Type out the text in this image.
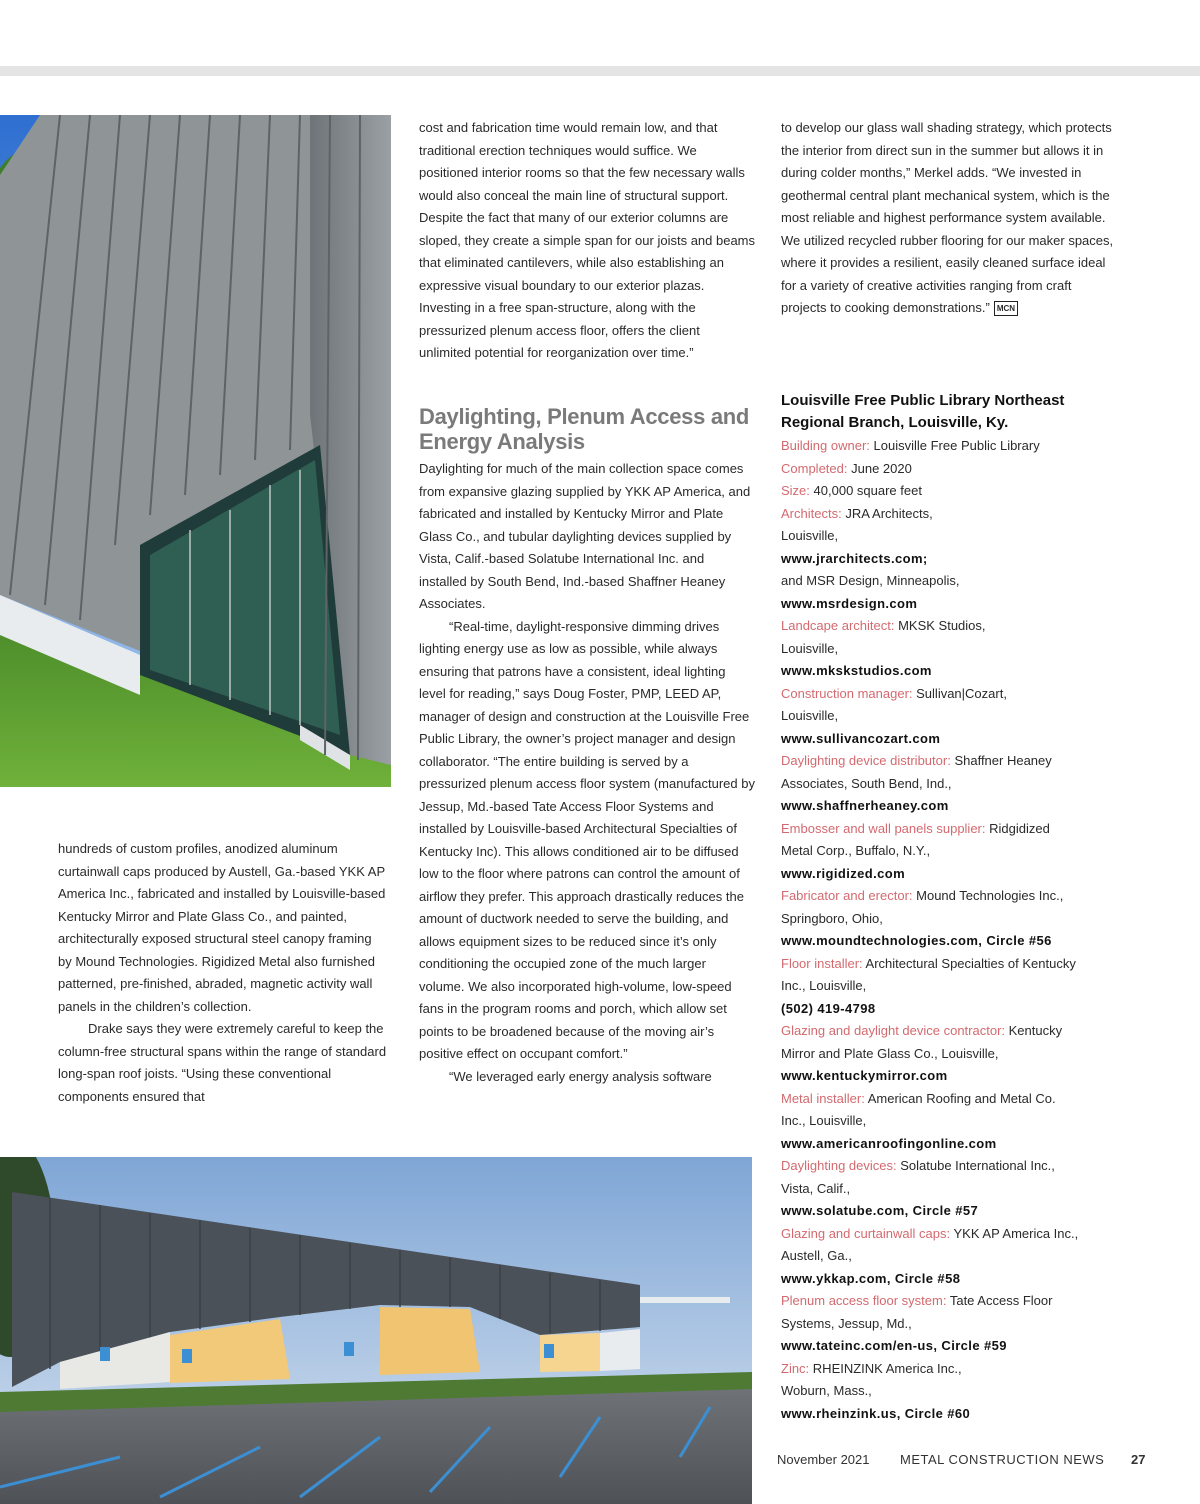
hundreds of custom profiles, anodized aluminum curtainwall caps produced by Austell, Ga.-based YKK AP America Inc., fabricated and installed by Louisville-based Kentucky Mirror and Plate Glass Co., and painted, architecturally exposed structural steel canopy framing by Mound Technologies. Rigidized Metal also furnished patterned, pre-finished, abraded, magnetic activity wall panels in the children’s collection.

Drake says they were extremely careful to keep the column-free structural spans within the range of standard long-span roof joists. “Using these conventional components ensured that

cost and fabrication time would remain low, and that traditional erection techniques would suffice. We positioned interior rooms so that the few necessary walls would also conceal the main line of structural support. Despite the fact that many of our exterior columns are sloped, they create a simple span for our joists and beams that eliminated cantilevers, while also establishing an expressive visual boundary to our exterior plazas. Investing in a free span-structure, along with the pressurized plenum access floor, offers the client unlimited potential for reorganization over time.”

Daylighting, Plenum Access and Energy Analysis

Daylighting for much of the main collection space comes from expansive glazing supplied by YKK AP America, and fabricated and installed by Kentucky Mirror and Plate Glass Co., and tubular daylighting devices supplied by Vista, Calif.-based Solatube International Inc. and installed by South Bend, Ind.-based Shaffner Heaney Associates.

“Real-time, daylight-responsive dimming drives lighting energy use as low as possible, while always ensuring that patrons have a consistent, ideal lighting level for reading,” says Doug Foster, PMP, LEED AP, manager of design and construction at the Louisville Free Public Library, the owner’s project manager and design collaborator. “The entire building is served by a pressurized plenum access floor system (manufactured by Jessup, Md.-based Tate Access Floor Systems and installed by Louisville-based Architectural Specialties of Kentucky Inc). This allows conditioned air to be diffused low to the floor where patrons can control the amount of airflow they prefer. This approach drastically reduces the amount of ductwork needed to serve the building, and allows equipment sizes to be reduced since it’s only conditioning the occupied zone of the much larger volume. We also incorporated high-volume, low-speed fans in the program rooms and porch, which allow set points to be broadened because of the moving air’s positive effect on occupant comfort.”

“We leveraged early energy analysis software

to develop our glass wall shading strategy, which protects the interior from direct sun in the summer but allows it in during colder months,” Merkel adds. “We invested in geothermal central plant mechanical system, which is the most reliable and highest performance system available. We utilized recycled rubber flooring for our maker spaces, where it provides a resilient, easily cleaned surface ideal for a variety of creative activities ranging from craft projects to cooking demonstrations.” MCN

Louisville Free Public Library Northeast Regional Branch, Louisville, Ky.
Building owner: Louisville Free Public Library
Completed: June 2020
Size: 40,000 square feet
Architects: JRA Architects,
Louisville,
www.jrarchitects.com;
and MSR Design, Minneapolis,
www.msrdesign.com
Landcape architect: MKSK Studios,
Louisville,
www.mkskstudios.com
Construction manager: Sullivan|Cozart,
Louisville,
www.sullivancozart.com
Daylighting device distributor: Shaffner Heaney
Associates, South Bend, Ind.,
www.shaffnerheaney.com
Embosser and wall panels supplier: Ridgidized
Metal Corp., Buffalo, N.Y.,
www.rigidized.com
Fabricator and erector: Mound Technologies Inc.,
Springboro, Ohio,
www.moundtechnologies.com, Circle #56
Floor installer: Architectural Specialties of Kentucky
Inc., Louisville,
(502) 419-4798
Glazing and daylight device contractor: Kentucky
Mirror and Plate Glass Co., Louisville,
www.kentuckymirror.com
Metal installer: American Roofing and Metal Co.
Inc., Louisville,
www.americanroofingonline.com
Daylighting devices: Solatube International Inc.,
Vista, Calif.,
www.solatube.com, Circle #57
Glazing and curtainwall caps: YKK AP America Inc.,
Austell, Ga.,
www.ykkap.com, Circle #58
Plenum access floor system: Tate Access Floor
Systems, Jessup, Md.,
www.tateinc.com/en-us, Circle #59
Zinc: RHEINZINK America Inc.,
Woburn, Mass.,
www.rheinzink.us, Circle #60
November 2021 METAL CONSTRUCTION NEWS 27
